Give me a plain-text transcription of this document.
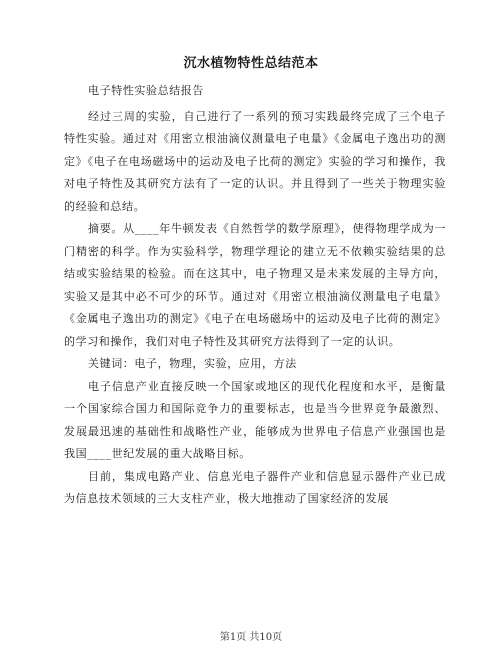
沉水植物特性总结范本

电子特性实验总结报告

经过三周的实验，自己进行了一系列的预习实践最终完成了三个电子特性实验。通过对《用密立根油滴仪测量电子电量》《金属电子逸出功的测定》《电子在电场磁场中的运动及电子比荷的测定》实验的学习和操作，我对电子特性及其研究方法有了一定的认识。并且得到了一些关于物理实验的经验和总结。

摘要。从____年牛顿发表《自然哲学的数学原理》，使得物理学成为一门精密的科学。作为实验科学，物理学理论的建立无不依赖实验结果的总结或实验结果的检验。而在这其中，电子物理又是未来发展的主导方向，实验又是其中必不可少的环节。通过对《用密立根油滴仪测量电子电量》《金属电子逸出功的测定》《电子在电场磁场中的运动及电子比荷的测定》的学习和操作，我们对电子特性及其研究方法得到了一定的认识。

关键词：电子，物理，实验，应用，方法

电子信息产业直接反映一个国家或地区的现代化程度和水平，是衡量一个国家综合国力和国际竞争力的重要标志，也是当今世界竞争最激烈、发展最迅速的基础性和战略性产业，能够成为世界电子信息产业强国也是我国____世纪发展的重大战略目标。

目前，集成电路产业、信息光电子器件产业和信息显示器件产业已成为信息技术领域的三大支柱产业，极大地推动了国家经济的发展

第1页 共10页
